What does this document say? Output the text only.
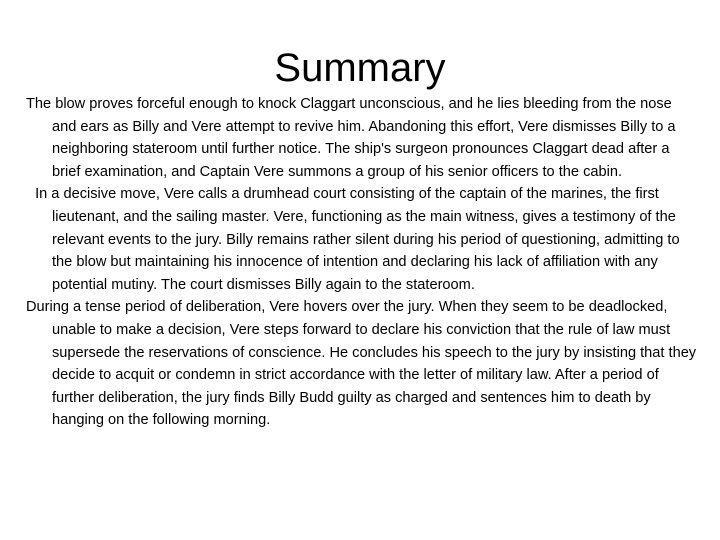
Summary

The blow proves forceful enough to knock Claggart unconscious, and he lies bleeding from the nose and ears as Billy and Vere attempt to revive him. Abandoning this effort, Vere dismisses Billy to a neighboring stateroom until further notice. The ship's surgeon pronounces Claggart dead after a brief examination, and Captain Vere summons a group of his senior officers to the cabin.

In a decisive move, Vere calls a drumhead court consisting of the captain of the marines, the first lieutenant, and the sailing master. Vere, functioning as the main witness, gives a testimony of the relevant events to the jury. Billy remains rather silent during his period of questioning, admitting to the blow but maintaining his innocence of intention and declaring his lack of affiliation with any potential mutiny. The court dismisses Billy again to the stateroom.

During a tense period of deliberation, Vere hovers over the jury. When they seem to be deadlocked, unable to make a decision, Vere steps forward to declare his conviction that the rule of law must supersede the reservations of conscience. He concludes his speech to the jury by insisting that they decide to acquit or condemn in strict accordance with the letter of military law. After a period of further deliberation, the jury finds Billy Budd guilty as charged and sentences him to death by hanging on the following morning.
